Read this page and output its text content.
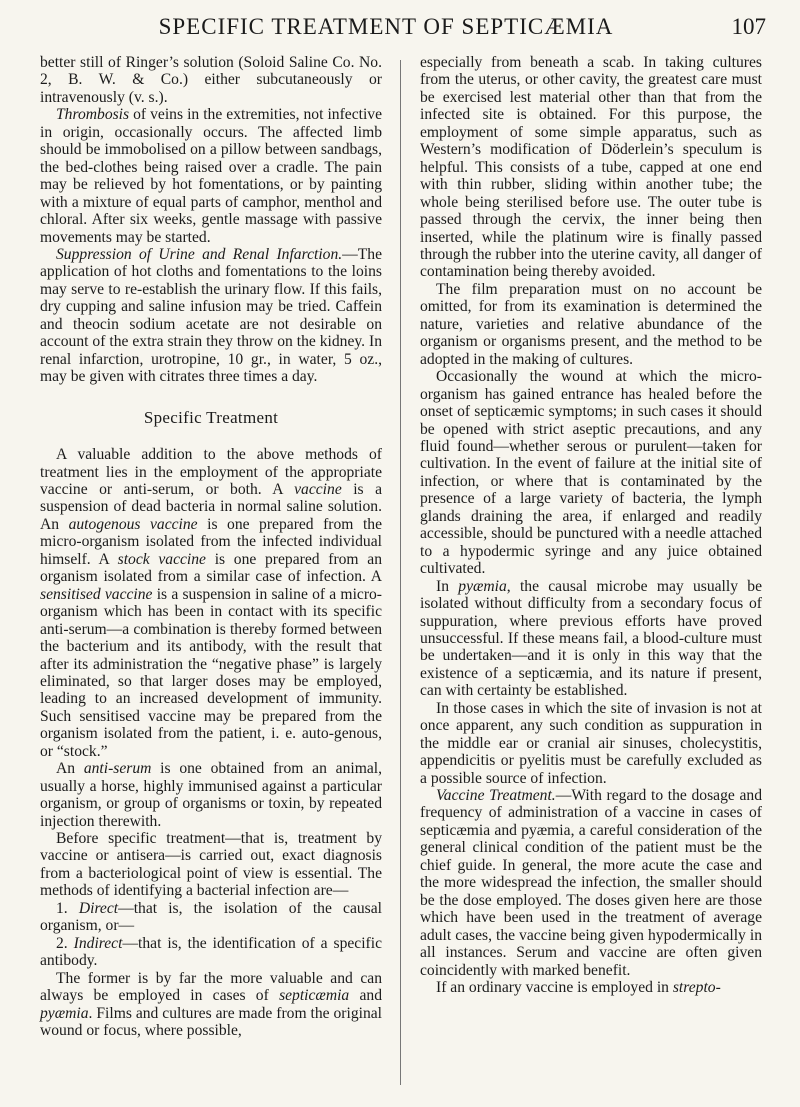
SPECIFIC TREATMENT OF SEPTICÆMIA	107

better still of Ringer’s solution (Soloid Saline Co. No. 2, B. W. & Co.) either subcutaneously or intravenously (v. s.).

Thrombosis of veins in the extremities, not infective in origin, occasionally occurs. The affected limb should be immobolised on a pillow between sandbags, the bed-clothes being raised over a cradle. The pain may be relieved by hot fomentations, or by painting with a mixture of equal parts of camphor, menthol and chloral. After six weeks, gentle massage with passive movements may be started.

Suppression of Urine and Renal Infarction.—The application of hot cloths and fomentations to the loins may serve to re-establish the urinary flow. If this fails, dry cupping and saline infusion may be tried. Caffein and theocin sodium acetate are not desirable on account of the extra strain they throw on the kidney. In renal infarction, urotropine, 10 gr., in water, 5 oz., may be given with citrates three times a day.

Specific Treatment

A valuable addition to the above methods of treatment lies in the employment of the appropriate vaccine or anti-serum, or both. A vaccine is a suspension of dead bacteria in normal saline solution. An autogenous vaccine is one prepared from the micro-organism isolated from the infected individual himself. A stock vaccine is one prepared from an organism isolated from a similar case of infection. A sensitised vaccine is a suspension in saline of a micro-organism which has been in contact with its specific anti-serum—a combination is thereby formed between the bacterium and its antibody, with the result that after its administration the “negative phase” is largely eliminated, so that larger doses may be employed, leading to an increased development of immunity. Such sensitised vaccine may be prepared from the organism isolated from the patient, i. e. auto-genous, or “stock.”

An anti-serum is one obtained from an animal, usually a horse, highly immunised against a particular organism, or group of organisms or toxin, by repeated injection therewith.

Before specific treatment—that is, treatment by vaccine or antisera—is carried out, exact diagnosis from a bacteriological point of view is essential. The methods of identifying a bacterial infection are—

1. Direct—that is, the isolation of the causal organism, or—

2. Indirect—that is, the identification of a specific antibody.

The former is by far the more valuable and can always be employed in cases of septicæmia and pyæmia. Films and cultures are made from the original wound or focus, where possible,

especially from beneath a scab. In taking cultures from the uterus, or other cavity, the greatest care must be exercised lest material other than that from the infected site is obtained. For this purpose, the employment of some simple apparatus, such as Western’s modification of Döderlein’s speculum is helpful. This consists of a tube, capped at one end with thin rubber, sliding within another tube; the whole being sterilised before use. The outer tube is passed through the cervix, the inner being then inserted, while the platinum wire is finally passed through the rubber into the uterine cavity, all danger of contamination being thereby avoided.

The film preparation must on no account be omitted, for from its examination is determined the nature, varieties and relative abundance of the organism or organisms present, and the method to be adopted in the making of cultures.

Occasionally the wound at which the micro-organism has gained entrance has healed before the onset of septicæmic symptoms; in such cases it should be opened with strict aseptic precautions, and any fluid found—whether serous or purulent—taken for cultivation. In the event of failure at the initial site of infection, or where that is contaminated by the presence of a large variety of bacteria, the lymph glands draining the area, if enlarged and readily accessible, should be punctured with a needle attached to a hypodermic syringe and any juice obtained cultivated.

In pyæmia, the causal microbe may usually be isolated without difficulty from a secondary focus of suppuration, where previous efforts have proved unsuccessful. If these means fail, a blood-culture must be undertaken—and it is only in this way that the existence of a septicæmia, and its nature if present, can with certainty be established.

In those cases in which the site of invasion is not at once apparent, any such condition as suppuration in the middle ear or cranial air sinuses, cholecystitis, appendicitis or pyelitis must be carefully excluded as a possible source of infection.

Vaccine Treatment.—With regard to the dosage and frequency of administration of a vaccine in cases of septicæmia and pyæmia, a careful consideration of the general clinical condition of the patient must be the chief guide. In general, the more acute the case and the more widespread the infection, the smaller should be the dose employed. The doses given here are those which have been used in the treatment of average adult cases, the vaccine being given hypodermically in all instances. Serum and vaccine are often given coincidently with marked benefit.

If an ordinary vaccine is employed in strepto-
